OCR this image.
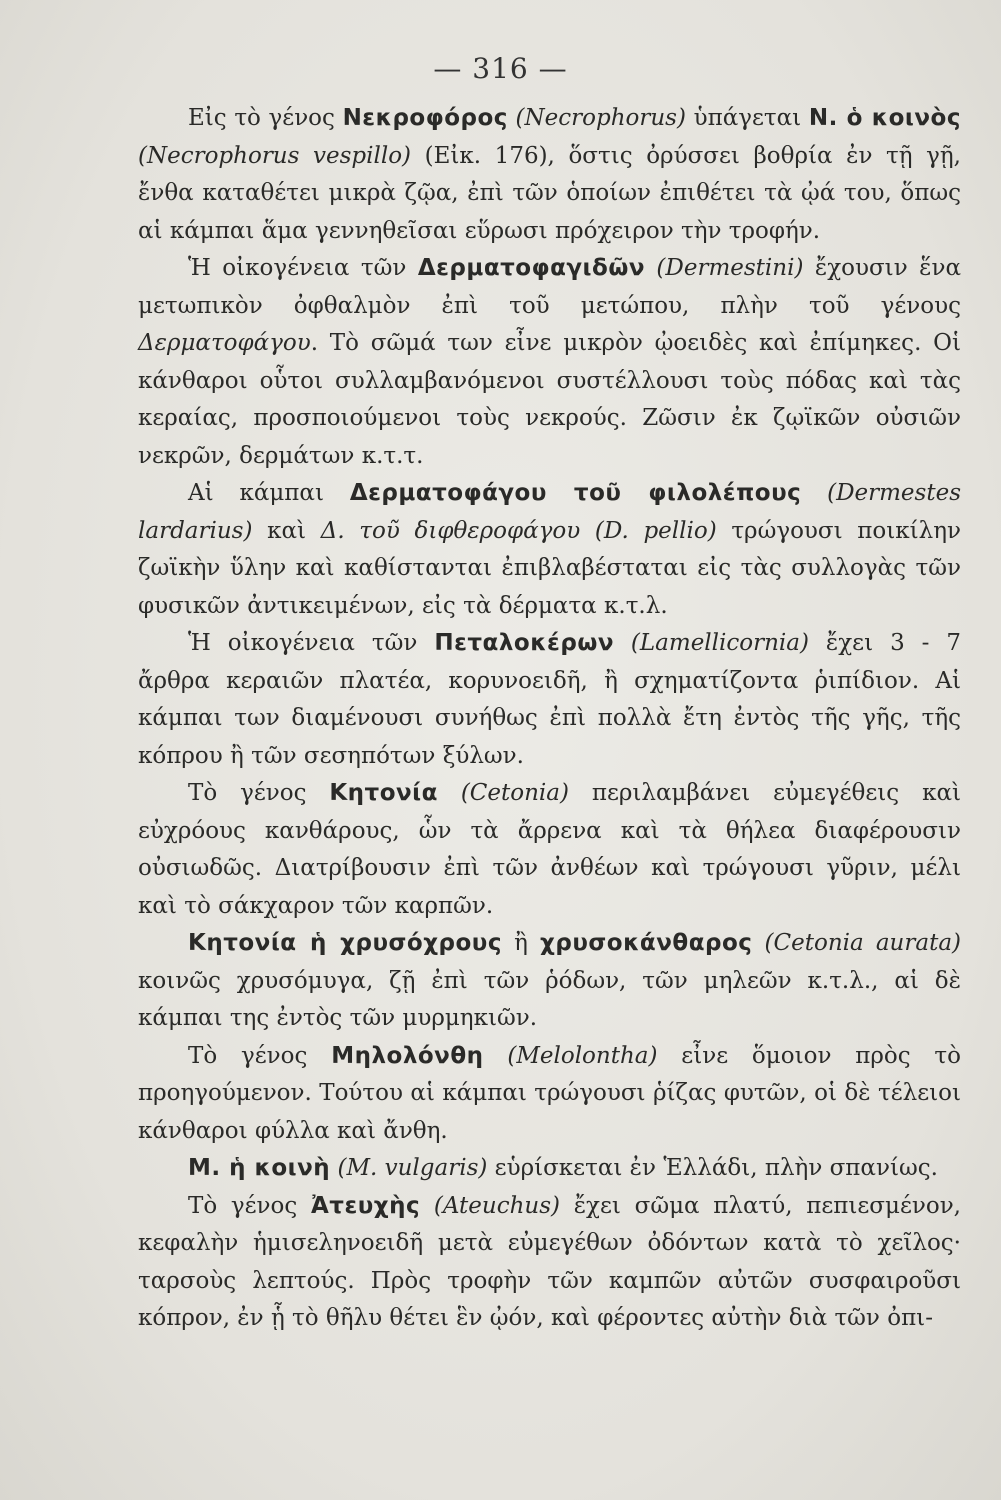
— 316 —

Εἰς τὸ γένος Νεκροφόρος (Necrophorus) ὑπάγεται Ν. ὁ κοινὸς (Necrophorus vespillo) (Εἰκ. 176), ὅστις ὀρύσσει βοθρία ἐν τῇ γῇ, ἔνθα καταθέτει μικρὰ ζῷα, ἐπὶ τῶν ὁποίων ἐπιθέτει τὰ ᾠά του, ὅπως αἱ κάμπαι ἅμα γεννηθεῖσαι εὕρωσι πρόχειρον τὴν τροφήν.

Ἡ οἰκογένεια τῶν Δερματοφαγιδῶν (Dermestini) ἔχουσιν ἕνα μετωπικὸν ὀφθαλμὸν ἐπὶ τοῦ μετώπου, πλὴν τοῦ γένους Δερματοφάγου. Τὸ σῶμά των εἶνε μικρὸν ᾠοειδὲς καὶ ἐπίμηκες. Οἱ κάνθαροι οὗτοι συλλαμβανόμενοι συστέλλουσι τοὺς πόδας καὶ τὰς κεραίας, προσποιούμενοι τοὺς νεκρούς. Ζῶσιν ἐκ ζῳϊκῶν οὐσιῶν νεκρῶν, δερμάτων κ.τ.τ.

Αἱ κάμπαι Δερματοφάγου τοῦ φιλολέπους (Dermestes lardarius) καὶ Δ. τοῦ διφθεροφάγου (D. pellio) τρώγουσι ποικίλην ζωϊκὴν ὕλην καὶ καθίστανται ἐπιβλαβέσταται εἰς τὰς συλλογὰς τῶν φυσικῶν ἀντικειμένων, εἰς τὰ δέρματα κ.τ.λ.

Ἡ οἰκογένεια τῶν Πεταλοκέρων (Lamellicornia) ἔχει 3 - 7 ἄρθρα κεραιῶν πλατέα, κορυνοειδῆ, ἢ σχηματίζοντα ῥιπίδιον. Αἱ κάμπαι των διαμένουσι συνήθως ἐπὶ πολλὰ ἔτη ἐντὸς τῆς γῆς, τῆς κόπρου ἢ τῶν σεσηπότων ξύλων.

Τὸ γένος Κητονία (Cetonia) περιλαμβάνει εὐμεγέθεις καὶ εὐχρόους κανθάρους, ὧν τὰ ἄρρενα καὶ τὰ θήλεα διαφέρουσιν οὐσιωδῶς. Διατρίβουσιν ἐπὶ τῶν ἀνθέων καὶ τρώγουσι γῦριν, μέλι καὶ τὸ σάκχαρον τῶν καρπῶν.

Κητονία ἡ χρυσόχρους ἢ χρυσοκάνθαρος (Cetonia aurata) κοινῶς χρυσόμυγα, ζῇ ἐπὶ τῶν ῥόδων, τῶν μηλεῶν κ.τ.λ., αἱ δὲ κάμπαι της ἐντὸς τῶν μυρμηκιῶν.

Τὸ γένος Μηλολόνθη (Melolontha) εἶνε ὅμοιον πρὸς τὸ προηγούμενον. Τούτου αἱ κάμπαι τρώγουσι ῥίζας φυτῶν, οἱ δὲ τέλειοι κάνθαροι φύλλα καὶ ἄνθη.

Μ. ἡ κοινὴ (M. vulgaris) εὑρίσκεται ἐν Ἑλλάδι, πλὴν σπανίως.

Τὸ γένος Ἀτευχὴς (Ateuchus) ἔχει σῶμα πλατύ, πεπιεσμένον, κεφαλὴν ἡμισεληνοειδῆ μετὰ εὐμεγέθων ὀδόντων κατὰ τὸ χεῖλος· ταρσοὺς λεπτούς. Πρὸς τροφὴν τῶν καμπῶν αὐτῶν συσφαιροῦσι κόπρον, ἐν ᾗ τὸ θῆλυ θέτει ἓν ᾠόν, καὶ φέροντες αὐτὴν διὰ τῶν ὀπι-
